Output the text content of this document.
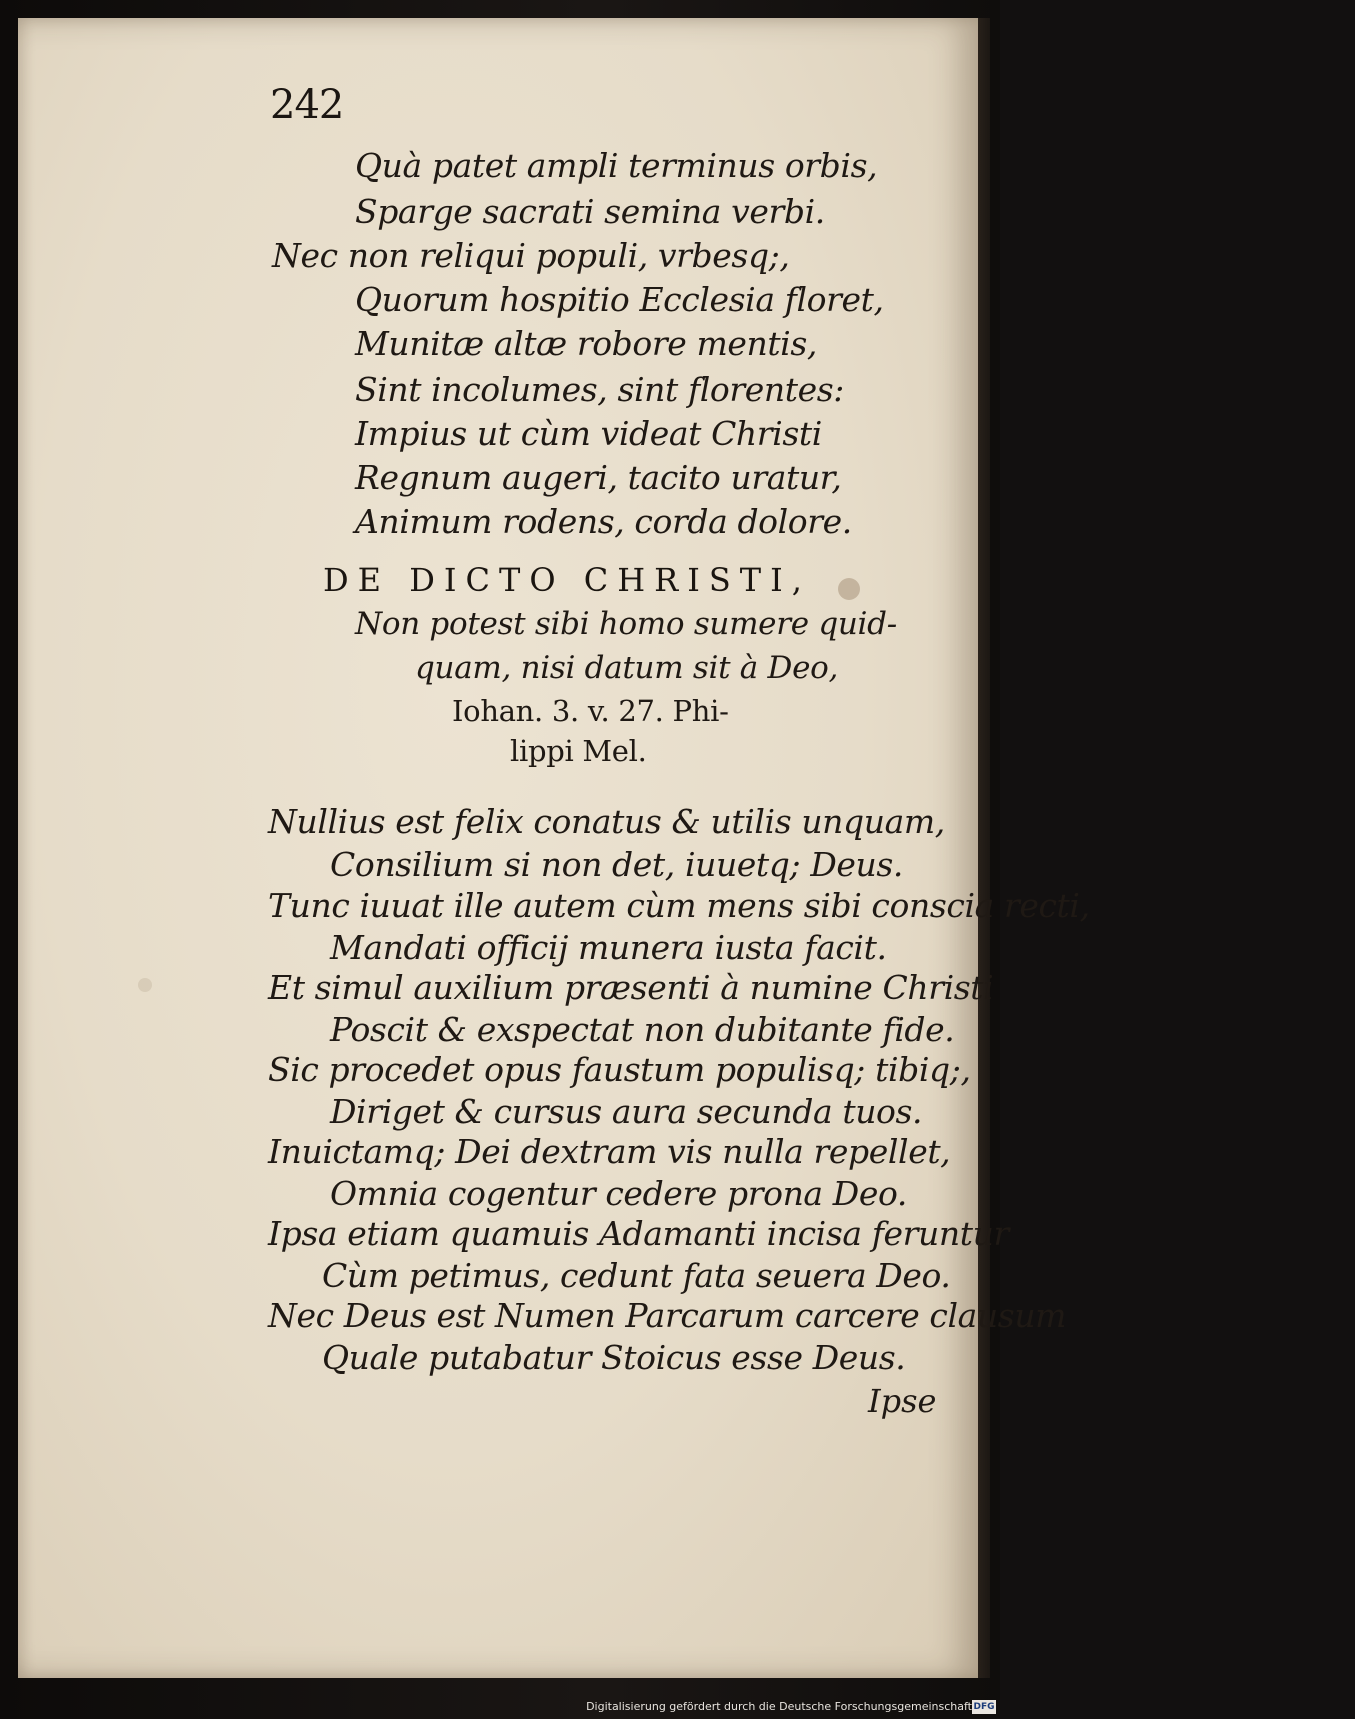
242
Quà patet ampli terminus orbis,
Sparge sacrati semina verbi.
Nec non reliqui populi, vrbesq;,
Quorum hospitio Ecclesia floret,
Munitæ altæ robore mentis,
Sint incolumes, sint florentes:
Impius ut cùm videat Christi
Regnum augeri, tacito uratur,
Animum rodens, corda dolore.
DE DICTO CHRISTI,
Non potest sibi homo sumere quid-
quam, nisi datum sit à Deo,
Iohan. 3. v. 27. Phi-
lippi Mel.
Nullius est felix conatus & utilis unquam,
Consilium si non det, iuuetq; Deus.
Tunc iuuat ille autem cùm mens sibi conscia recti,
Mandati officij munera iusta facit.
Et simul auxilium præsenti à numine Christi
Poscit & exspectat non dubitante fide.
Sic procedet opus faustum populisq; tibiq;,
Diriget & cursus aura secunda tuos.
Inuictamq; Dei dextram vis nulla repellet,
Omnia cogentur cedere prona Deo.
Ipsa etiam quamuis Adamanti incisa feruntur
Cùm petimus, cedunt fata seuera Deo.
Nec Deus est Numen Parcarum carcere clausum
Quale putabatur Stoicus esse Deus.
Ipse
Digitalisierung gefördert durch die Deutsche Forschungsgemeinschaft DFG
